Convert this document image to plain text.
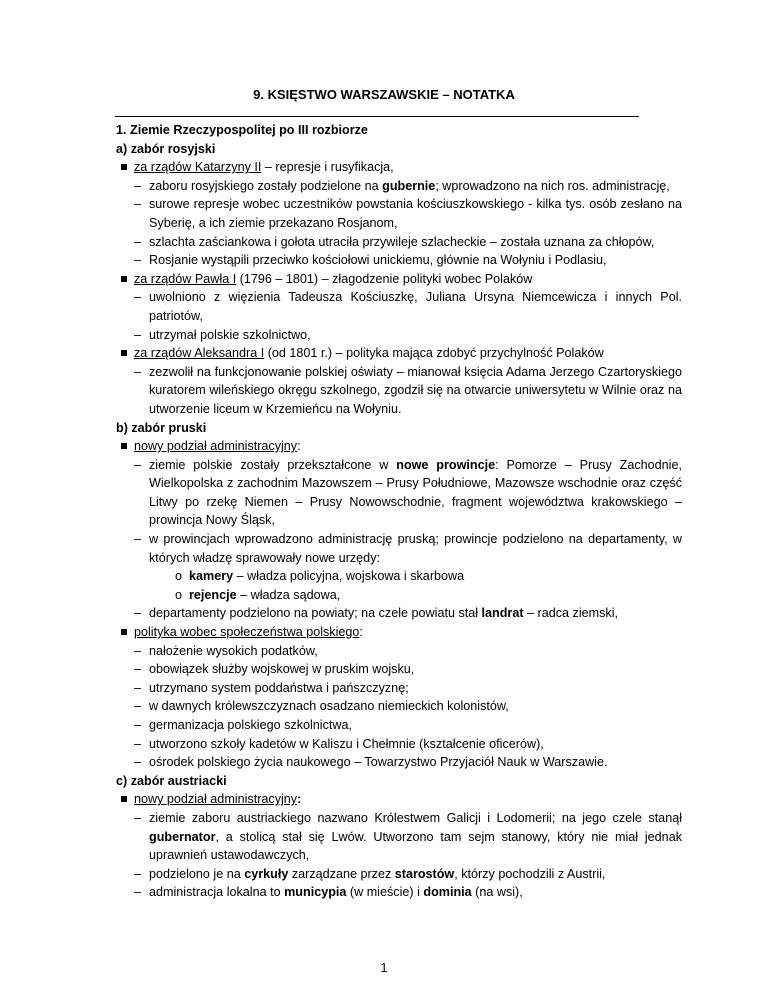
9. KSIĘSTWO WARSZAWSKIE – NOTATKA

1. Ziemie Rzeczypospolitej po III rozbiorze

a) zabór rosyjski

za rządów Katarzyny II – represje i rusyfikacja,

– zaboru rosyjskiego zostały podzielone na gubernie; wprowadzono na nich ros. administrację,

– surowe represje wobec uczestników powstania kościuszkowskiego - kilka tys. osób zesłano na Syberię, a ich ziemie przekazano Rosjanom,

– szlachta zaściankowa i gołota utraciła przywileje szlacheckie – została uznana za chłopów,

– Rosjanie wystąpili przeciwko kościołowi unickiemu, głównie na Wołyniu i Podlasiu,

za rządów Pawła I (1796 – 1801) – złagodzenie polityki wobec Polaków

– uwolniono z więzienia Tadeusza Kościuszkę, Juliana Ursyna Niemcewicza i innych Pol. patriotów,

– utrzymał polskie szkolnictwo,

za rządów Aleksandra I (od 1801 r.) – polityka mająca zdobyć przychylność Polaków

– zezwolił na funkcjonowanie polskiej oświaty – mianował księcia Adama Jerzego Czartoryskiego kuratorem wileńskiego okręgu szkolnego, zgodził się na otwarcie uniwersytetu w Wilnie oraz na utworzenie liceum w Krzemieńcu na Wołyniu.

b) zabór pruski

nowy podział administracyjny:

– ziemie polskie zostały przekształcone w nowe prowincje: Pomorze – Prusy Zachodnie, Wielkopolska z zachodnim Mazowszem – Prusy Południowe, Mazowsze wschodnie oraz część Litwy po rzekę Niemen – Prusy Nowowschodnie, fragment województwa krakowskiego – prowincja Nowy Śląsk,

– w prowincjach wprowadzono administrację pruską; prowincje podzielono na departamenty, w których władzę sprawowały nowe urzędy:

o kamery – władza policyjna, wojskowa i skarbowa

o rejencje – władza sądowa,

– departamenty podzielono na powiaty; na czele powiatu stał landrat – radca ziemski,

polityka wobec społeczeństwa polskiego:

– nałożenie wysokich podatków,

– obowiązek służby wojskowej w pruskim wojsku,

– utrzymano system poddaństwa i pańszczyznę;

– w dawnych królewszczyznach osadzano niemieckich kolonistów,

– germanizacja polskiego szkolnictwa,

– utworzono szkoły kadetów w Kaliszu i Chełmnie (kształcenie oficerów),

– ośrodek polskiego życia naukowego – Towarzystwo Przyjaciół Nauk w Warszawie.

c) zabór austriacki

nowy podział administracyjny:

– ziemie zaboru austriackiego nazwano Królestwem Galicji i Lodomerii; na jego czele stanął gubernator, a stolicą stał się Lwów. Utworzono tam sejm stanowy, który nie miał jednak uprawnień ustawodawczych,

– podzielono je na cyrkuły zarządzane przez starostów, którzy pochodzili z Austrii,

– administracja lokalna to municypia (w mieście) i dominia (na wsi),

1
